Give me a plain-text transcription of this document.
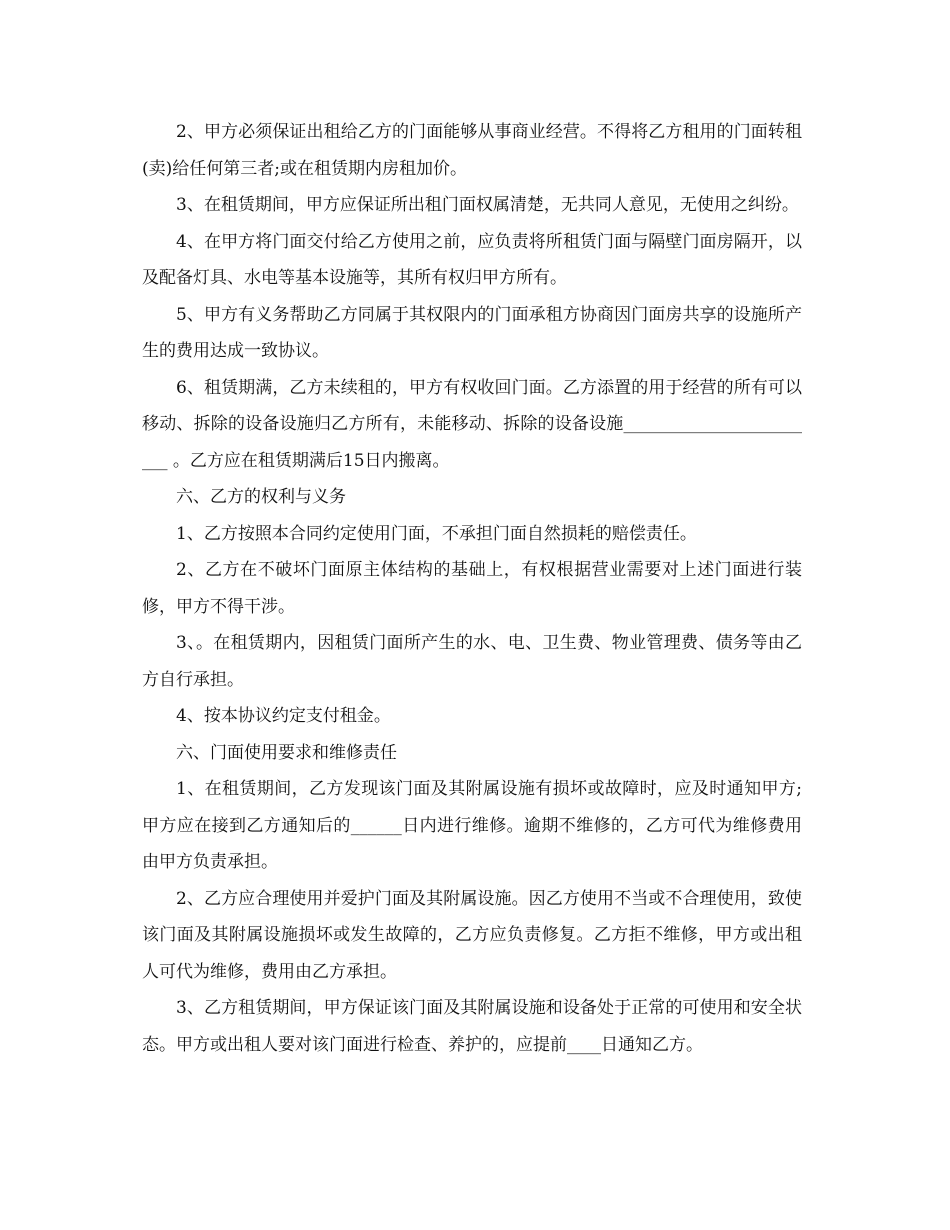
2、甲方必须保证出租给乙方的门面能够从事商业经营。不得将乙方租用的门面转租(卖)给任何第三者;或在租赁期内房租加价。

3、在租赁期间，甲方应保证所出租门面权属清楚，无共同人意见，无使用之纠纷。

4、在甲方将门面交付给乙方使用之前，应负责将所租赁门面与隔壁门面房隔开，以及配备灯具、水电等基本设施等，其所有权归甲方所有。

5、甲方有义务帮助乙方同属于其权限内的门面承租方协商因门面房共享的设施所产生的费用达成一致协议。

6、租赁期满，乙方未续租的，甲方有权收回门面。乙方添置的用于经营的所有可以移动、拆除的设备设施归乙方所有，未能移动、拆除的设备设施________________________ 。乙方应在租赁期满后15日内搬离。

六、乙方的权利与义务

1、乙方按照本合同约定使用门面，不承担门面自然损耗的赔偿责任。

2、乙方在不破坏门面原主体结构的基础上，有权根据营业需要对上述门面进行装修，甲方不得干涉。

3、。在租赁期内，因租赁门面所产生的水、电、卫生费、物业管理费、债务等由乙方自行承担。

4、按本协议约定支付租金。

六、门面使用要求和维修责任

1、在租赁期间，乙方发现该门面及其附属设施有损坏或故障时，应及时通知甲方;甲方应在接到乙方通知后的______日内进行维修。逾期不维修的，乙方可代为维修费用由甲方负责承担。

2、乙方应合理使用并爱护门面及其附属设施。因乙方使用不当或不合理使用，致使该门面及其附属设施损坏或发生故障的，乙方应负责修复。乙方拒不维修，甲方或出租人可代为维修，费用由乙方承担。

3、乙方租赁期间，甲方保证该门面及其附属设施和设备处于正常的可使用和安全状态。甲方或出租人要对该门面进行检查、养护的，应提前____日通知乙方。
